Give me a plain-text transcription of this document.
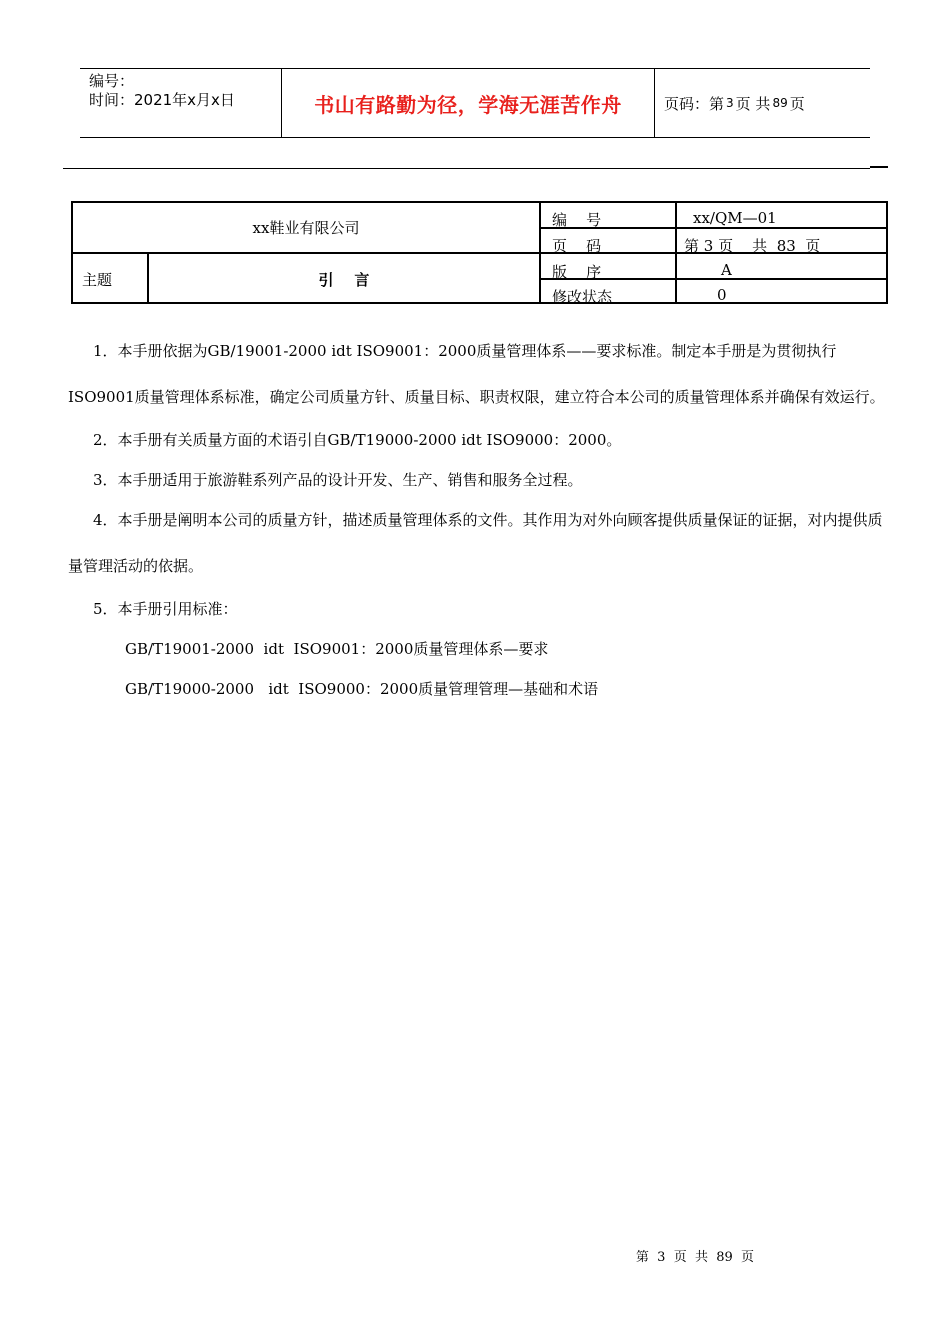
编号：
时间：2021年x月x日	书山有路勤为径，学海无涯苦作舟	页码：第 3 页 共 89 页
xx鞋业有限公司
主题	引    言
编    号	xx/QM—01
页    码	第 3 页    共  83  页
版    序	A
修改状态	0

1．本手册依据为GB/19001-2000 idt ISO9001：2000质量管理体系——要求标准。制定本手册是为贯彻执行ISO9001质量管理体系标准，确定公司质量方针、质量目标、职责权限，建立符合本公司的质量管理体系并确保有效运行。

2．本手册有关质量方面的术语引自GB/T19000-2000 idt ISO9000：2000。

3．本手册适用于旅游鞋系列产品的设计开发、生产、销售和服务全过程。

4．本手册是阐明本公司的质量方针，描述质量管理体系的文件。其作用为对外向顾客提供质量保证的证据，对内提供质量管理活动的依据。

5．本手册引用标准：

GB/T19001-2000  idt  ISO9001：2000质量管理体系—要求

GB/T19000-2000   idt  ISO9000：2000质量管理管理—基础和术语

第  3  页  共  89  页
